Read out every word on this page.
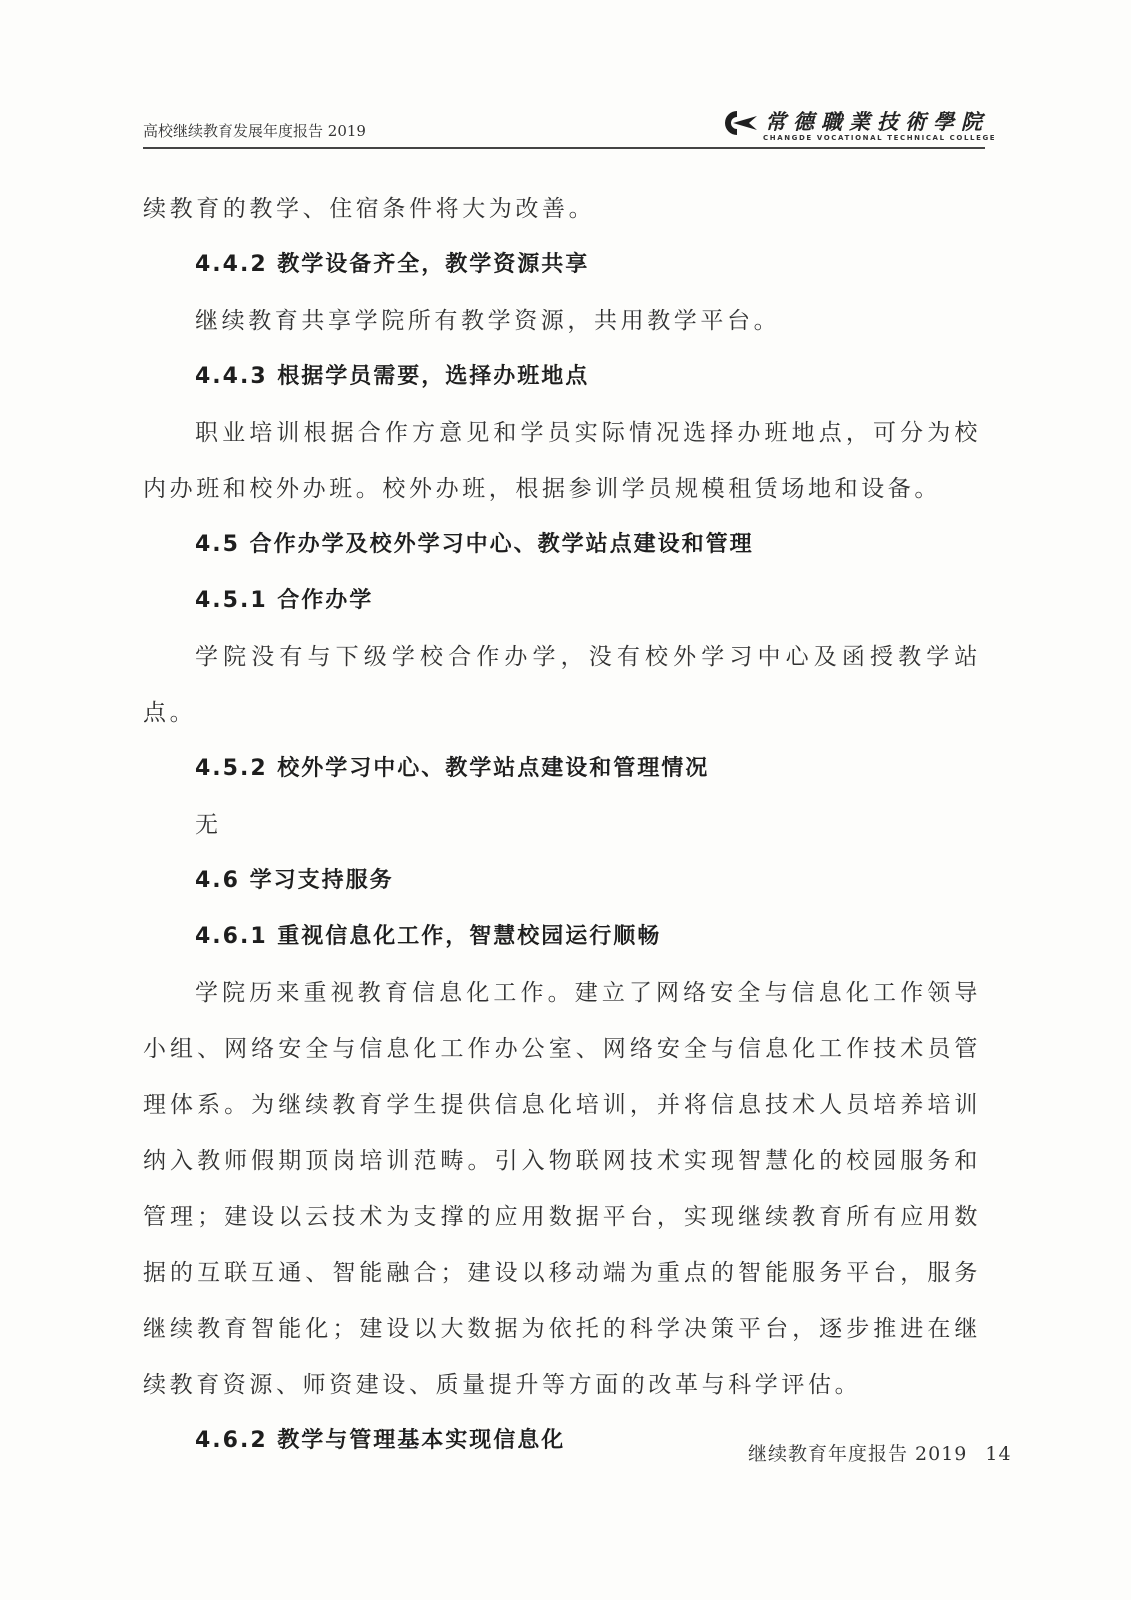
高校继续教育发展年度报告 2019	常德職業技術學院
CHANGDE VOCATIONAL TECHNICAL COLLEGE

续教育的教学、住宿条件将大为改善。

4.4.2 教学设备齐全，教学资源共享

继续教育共享学院所有教学资源，共用教学平台。

4.4.3 根据学员需要，选择办班地点

职业培训根据合作方意见和学员实际情况选择办班地点，可分为校内办班和校外办班。校外办班，根据参训学员规模租赁场地和设备。

4.5 合作办学及校外学习中心、教学站点建设和管理

4.5.1 合作办学

学院没有与下级学校合作办学，没有校外学习中心及函授教学站点。

4.5.2 校外学习中心、教学站点建设和管理情况

无

4.6 学习支持服务

4.6.1 重视信息化工作，智慧校园运行顺畅

学院历来重视教育信息化工作。建立了网络安全与信息化工作领导小组、网络安全与信息化工作办公室、网络安全与信息化工作技术员管理体系。为继续教育学生提供信息化培训，并将信息技术人员培养培训纳入教师假期顶岗培训范畴。引入物联网技术实现智慧化的校园服务和管理；建设以云技术为支撑的应用数据平台，实现继续教育所有应用数据的互联互通、智能融合；建设以移动端为重点的智能服务平台，服务继续教育智能化；建设以大数据为依托的科学决策平台，逐步推进在继续教育资源、师资建设、质量提升等方面的改革与科学评估。

4.6.2 教学与管理基本实现信息化

继续教育年度报告 2019 14
